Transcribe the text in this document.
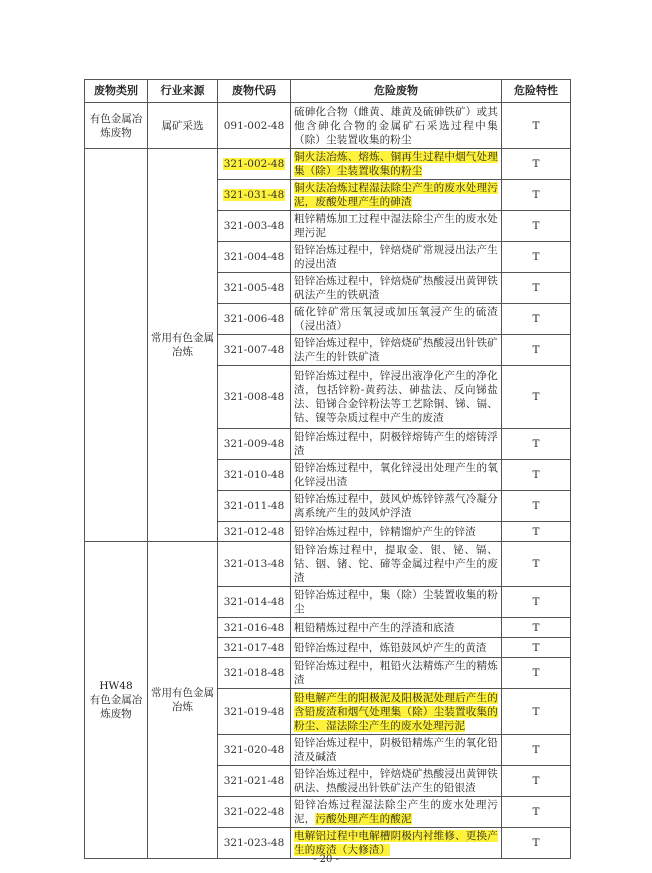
废物类别	行业来源	废物代码	危险废物	危险特性
有色金属冶炼废物	属矿采选	091-002-48	硫砷化合物（雌黄、雄黄及硫砷铁矿）或其他含砷化合物的金属矿石采选过程中集（除）尘装置收集的粉尘	T
	常用有色金属冶炼	321-002-48	铜火法冶炼、熔炼、铜再生过程中烟气处理集（除）尘装置收集的粉尘	T
		321-031-48	铜火法冶炼过程湿法除尘产生的废水处理污泥，废酸处理产生的砷渣	T
		321-003-48	粗锌精炼加工过程中湿法除尘产生的废水处理污泥	T
		321-004-48	铅锌冶炼过程中，锌焙烧矿常规浸出法产生的浸出渣	T
		321-005-48	铅锌冶炼过程中，锌焙烧矿热酸浸出黄钾铁矾法产生的铁矾渣	T
		321-006-48	硫化锌矿常压氧浸或加压氧浸产生的硫渣（浸出渣）	T
		321-007-48	铅锌冶炼过程中，锌焙烧矿热酸浸出针铁矿法产生的针铁矿渣	T
		321-008-48	铅锌冶炼过程中，锌浸出液净化产生的净化渣，包括锌粉-黄药法、砷盐法、反向锑盐法、铅锑合金锌粉法等工艺除铜、锑、镉、钴、镍等杂质过程中产生的废渣	T
		321-009-48	铅锌冶炼过程中，阴极锌熔铸产生的熔铸浮渣	T
		321-010-48	铅锌冶炼过程中，氧化锌浸出处理产生的氧化锌浸出渣	T
		321-011-48	铅锌冶炼过程中，鼓风炉炼锌锌蒸气冷凝分离系统产生的鼓风炉浮渣	T
		321-012-48	铅锌冶炼过程中，锌精馏炉产生的锌渣	T
HW48
有色金属冶炼废物	常用有色金属冶炼	321-013-48	铅锌冶炼过程中，提取金、银、铋、镉、钴、铟、锗、铊、碲等金属过程中产生的废渣	T
		321-014-48	铅锌冶炼过程中，集（除）尘装置收集的粉尘	T
		321-016-48	粗铅精炼过程中产生的浮渣和底渣	T
		321-017-48	铅锌冶炼过程中，炼铅鼓风炉产生的黄渣	T
		321-018-48	铅锌冶炼过程中，粗铅火法精炼产生的精炼渣	T
		321-019-48	铅电解产生的阳极泥及阳极泥处理后产生的含铅废渣和烟气处理集（除）尘装置收集的粉尘、湿法除尘产生的废水处理污泥	T
		321-020-48	铅锌冶炼过程中，阴极铅精炼产生的氧化铅渣及碱渣	T
		321-021-48	铅锌冶炼过程中，锌焙烧矿热酸浸出黄钾铁矾法、热酸浸出针铁矿法产生的铅银渣	T
		321-022-48	铅锌冶炼过程湿法除尘产生的废水处理污泥，污酸处理产生的酸泥	T
		321-023-48	电解铝过程中电解槽阴极内衬维修、更换产生的废渣（大修渣）	T
- 20 -
